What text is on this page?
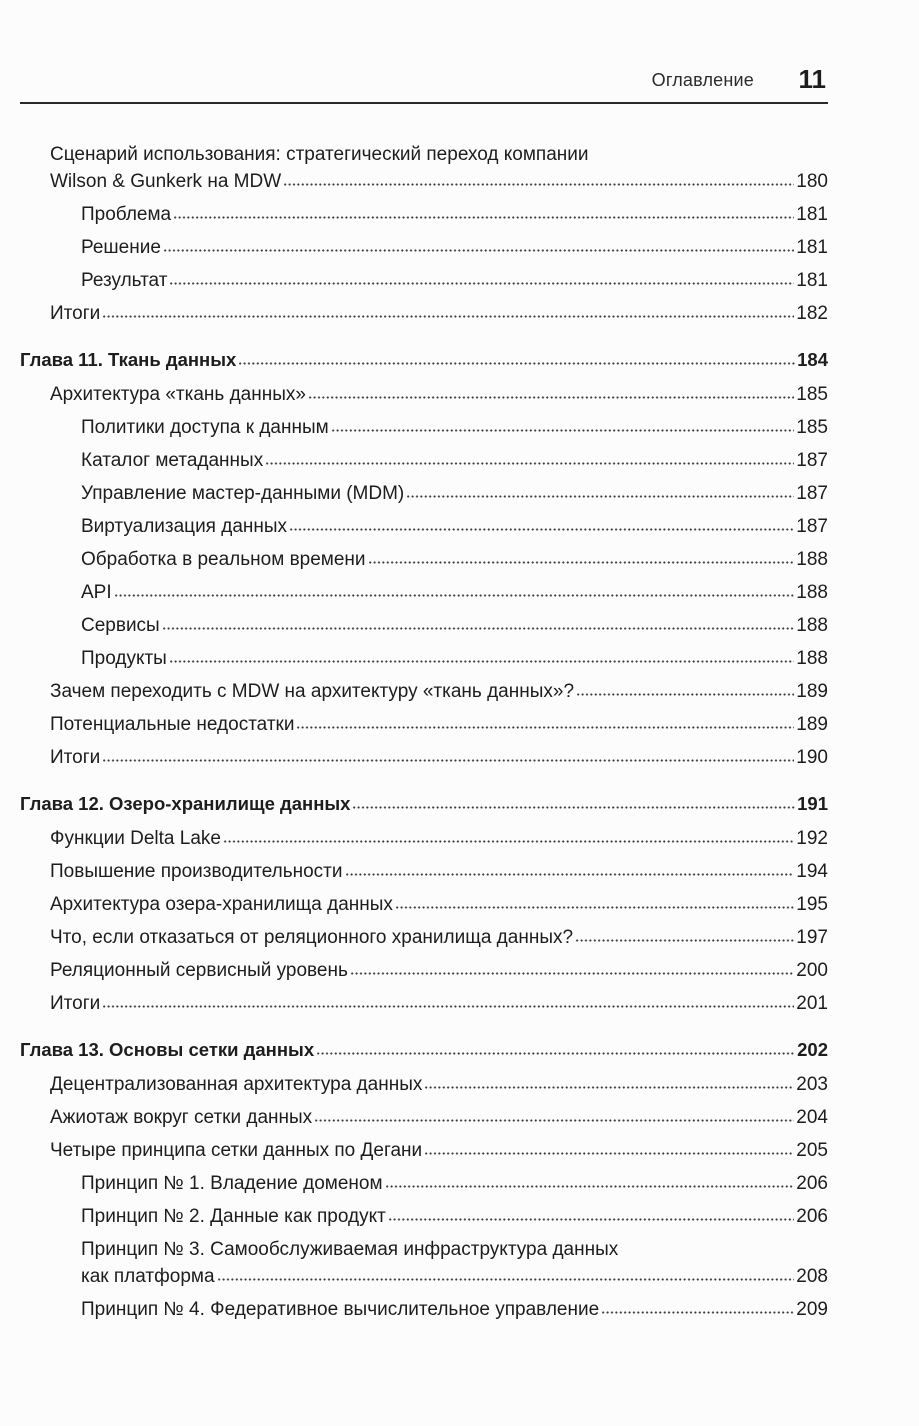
Оглавление 11
Сценарий использования: стратегический переход компании
Wilson & Gunkerk на MDW	180
Проблема	181
Решение	181
Результат	181
Итоги	182
Глава 11. Ткань данных	184
Архитектура «ткань данных»	185
Политики доступа к данным	185
Каталог метаданных	187
Управление мастер-данными (MDM)	187
Виртуализация данных	187
Обработка в реальном времени	188
API	188
Сервисы	188
Продукты	188
Зачем переходить с MDW на архитектуру «ткань данных»?	189
Потенциальные недостатки	189
Итоги	190
Глава 12. Озеро-хранилище данных	191
Функции Delta Lake	192
Повышение производительности	194
Архитектура озера-хранилища данных	195
Что, если отказаться от реляционного хранилища данных?	197
Реляционный сервисный уровень	200
Итоги	201
Глава 13. Основы сетки данных	202
Децентрализованная архитектура данных	203
Ажиотаж вокруг сетки данных	204
Четыре принципа сетки данных по Дегани	205
Принцип № 1. Владение доменом	206
Принцип № 2. Данные как продукт	206
Принцип № 3. Самообслуживаемая инфраструктура данных
как платформа	208
Принцип № 4. Федеративное вычислительное управление	209
